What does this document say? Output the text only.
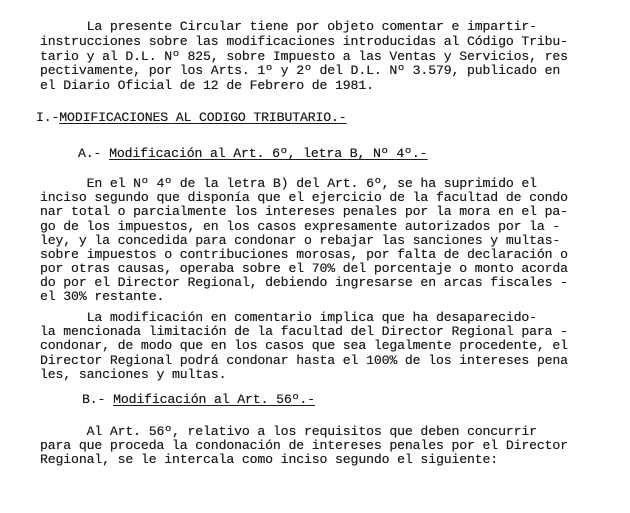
La presente Circular tiene por objeto comentar e impartir-
instrucciones sobre las modificaciones introducidas al Código Tribu-
tario y al D.L. Nº 825, sobre Impuesto a las Ventas y Servicios, res
pectivamente, por los Arts. 1º y 2º del D.L. Nº 3.579, publicado en
el Diario Oficial de 12 de Febrero de 1981.
I.-MODIFICACIONES AL CODIGO TRIBUTARIO.-
A.- Modificación al Art. 6º, letra B, Nº 4º.-
En el Nº 4º de la letra B) del Art. 6º, se ha suprimido el
inciso segundo que disponía que el ejercicio de la facultad de condo
nar total o parcialmente los intereses penales por la mora en el pa-
go de los impuestos, en los casos expresamente autorizados por la -
ley, y la concedida para condonar o rebajar las sanciones y multas-
sobre impuestos o contribuciones morosas, por falta de declaración o
por otras causas, operaba sobre el 70% del porcentaje o monto acorda
do por el Director Regional, debiendo ingresarse en arcas fiscales -
el 30% restante.
La modificación en comentario implica que ha desaparecido-
la mencionada limitación de la facultad del Director Regional para -
condonar, de modo que en los casos que sea legalmente procedente, el
Director Regional podrá condonar hasta el 100% de los intereses pena
les, sanciones y multas.
B.- Modificación al Art. 56º.-
Al Art. 56º, relativo a los requisitos que deben concurrir
para que proceda la condonación de intereses penales por el Director
Regional, se le intercala como inciso segundo el siguiente:
